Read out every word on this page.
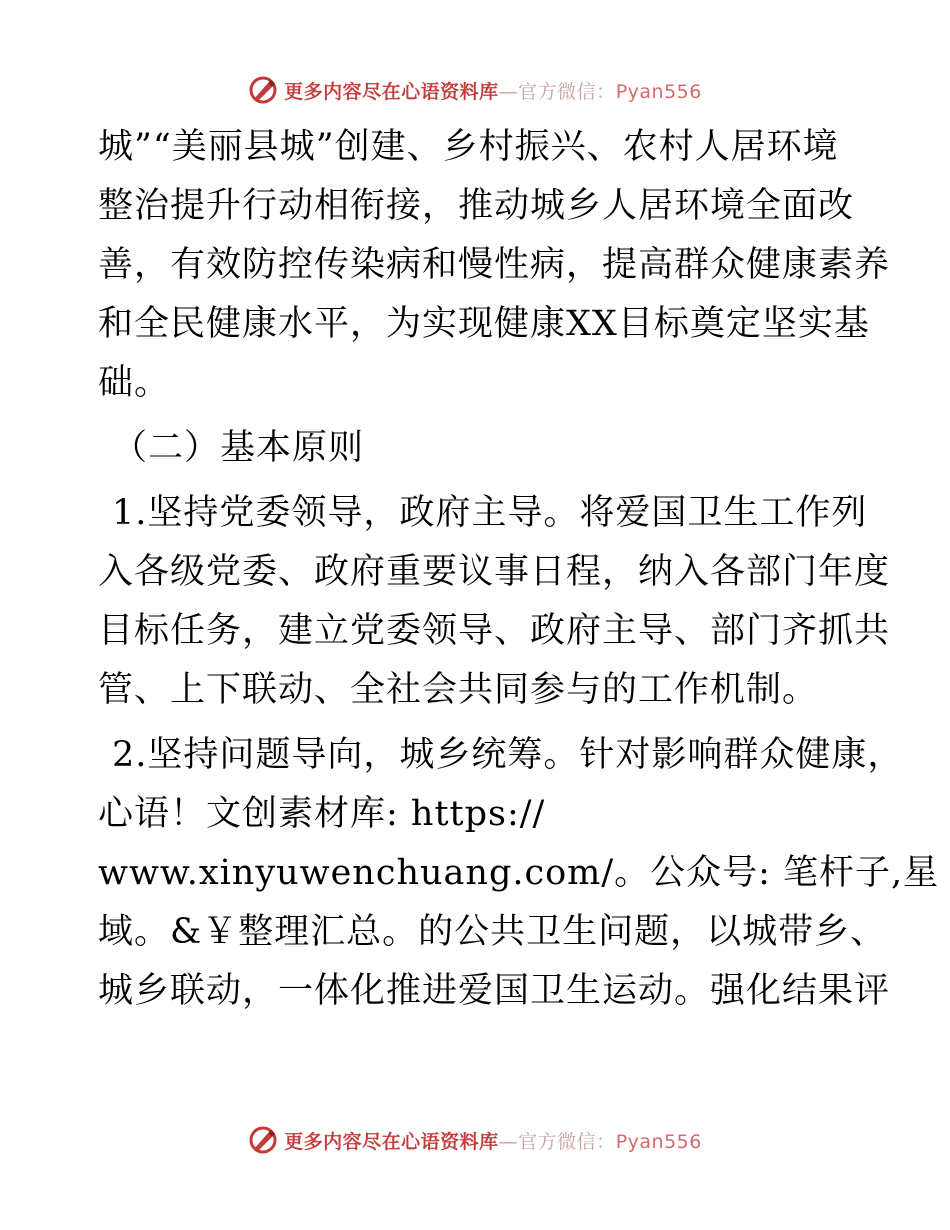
更多内容尽在心语资料库—官方微信：Pyan556
城”“美丽县城”创建、乡村振兴、农村人居环境
整治提升行动相衔接，推动城乡人居环境全面改
善，有效防控传染病和慢性病，提高群众健康素养
和全民健康水平，为实现健康XX目标奠定坚实基
础。
（二）基本原则
1.坚持党委领导，政府主导。将爱国卫生工作列
入各级党委、政府重要议事日程，纳入各部门年度
目标任务，建立党委领导、政府主导、部门齐抓共
管、上下联动、全社会共同参与的工作机制。
2.坚持问题导向，城乡统筹。针对影响群众健康，
心语！文创素材库: https://
www.xinyuwenchuang.com/。公众号: 笔杆子,星
域。&￥整理汇总。的公共卫生问题，以城带乡、
城乡联动，一体化推进爱国卫生运动。强化结果评
更多内容尽在心语资料库—官方微信：Pyan556
